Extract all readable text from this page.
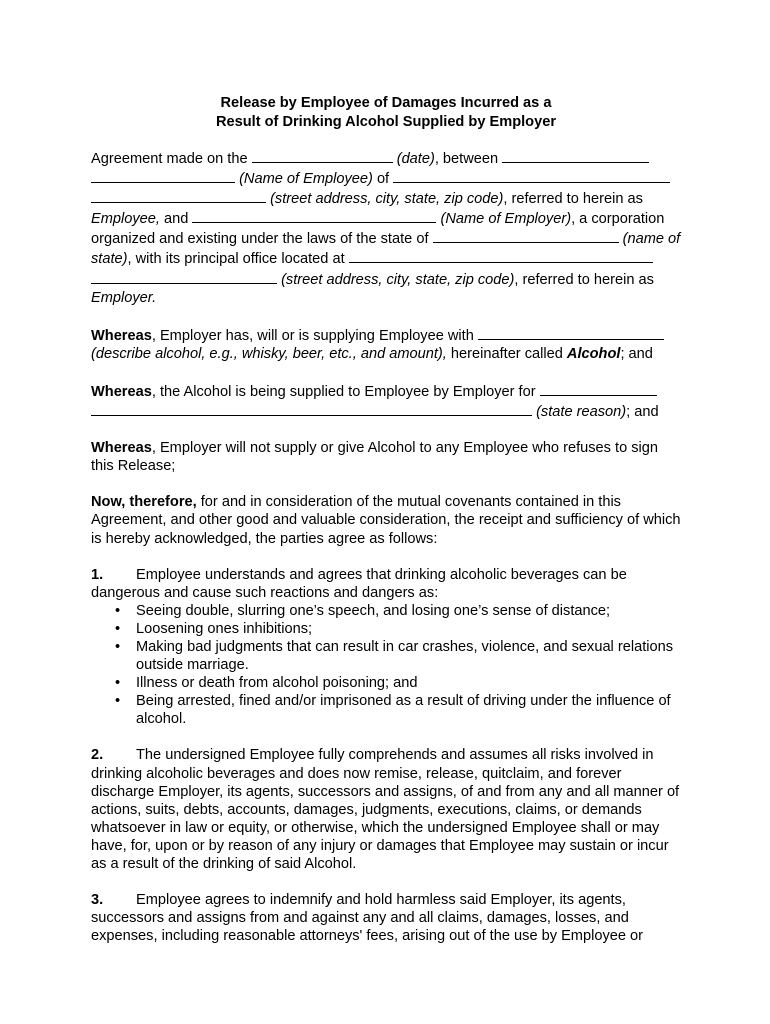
Release by Employee of Damages Incurred as a
Result of Drinking Alcohol Supplied by Employer

Agreement made on the	(date), between   (Name of Employee) of   (street address, city, state, zip code), referred to herein as Employee, and	(Name of Employer), a corporation organized and existing under the laws of the state of	(name of state), with its principal office located at   (street address, city, state, zip code), referred to herein as Employer.

Whereas, Employer has, will or is supplying Employee with  (describe alcohol, e.g., whisky, beer, etc., and amount), hereinafter called Alcohol; and

Whereas, the Alcohol is being supplied to Employee by Employer for   (state reason); and

Whereas, Employer will not supply or give Alcohol to any Employee who refuses to sign this Release;

Now, therefore, for and in consideration of the mutual covenants contained in this Agreement, and other good and valuable consideration, the receipt and sufficiency of which is hereby acknowledged, the parties agree as follows:

1. Employee understands and agrees that drinking alcoholic beverages can be dangerous and cause such reactions and dangers as:

• Seeing double, slurring one’s speech, and losing one’s sense of distance;
• Loosening ones inhibitions;
• Making bad judgments that can result in car crashes, violence, and sexual relations outside marriage.
• Illness or death from alcohol poisoning; and
• Being arrested, fined and/or imprisoned as a result of driving under the influence of alcohol.

2. The undersigned Employee fully comprehends and assumes all risks involved in drinking alcoholic beverages and does now remise, release, quitclaim, and forever discharge Employer, its agents, successors and assigns, of and from any and all manner of actions, suits, debts, accounts, damages, judgments, executions, claims, or demands whatsoever in law or equity, or otherwise, which the undersigned Employee shall or may have, for, upon or by reason of any injury or damages that Employee may sustain or incur as a result of the drinking of said Alcohol.

3. Employee agrees to indemnify and hold harmless said Employer, its agents, successors and assigns from and against any and all claims, damages, losses, and expenses, including reasonable attorneys' fees, arising out of the use by Employee or
